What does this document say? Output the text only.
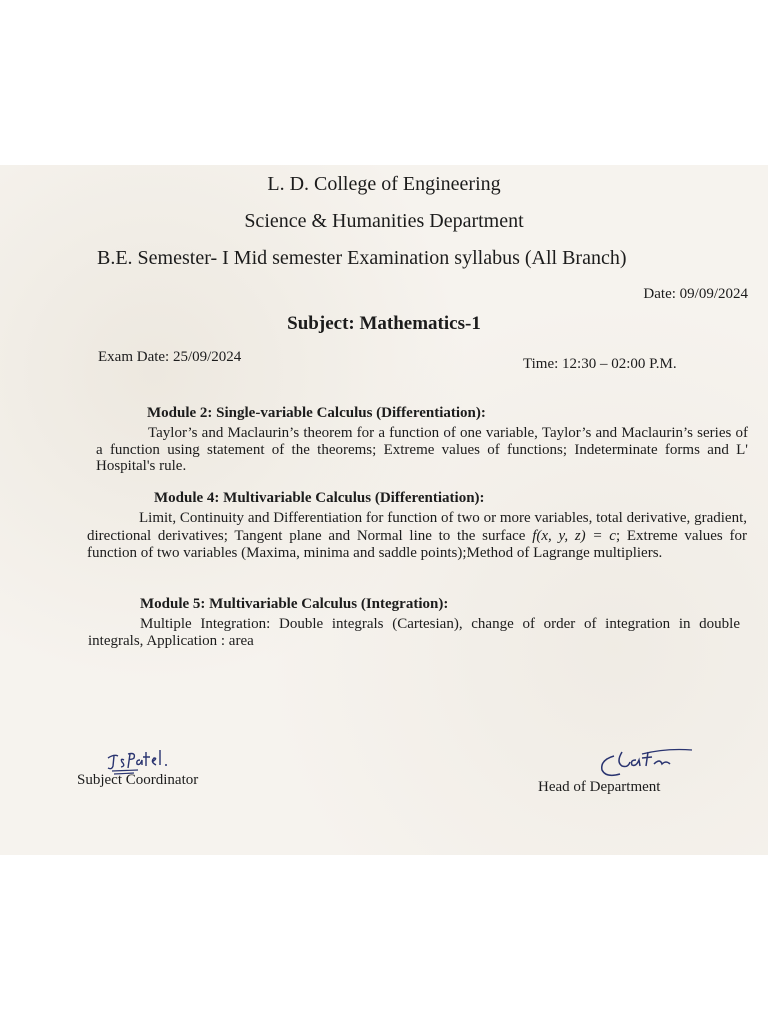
L. D. College of Engineering
Science & Humanities Department
B.E. Semester- I Mid semester Examination syllabus (All Branch)
Date: 09/09/2024
Subject: Mathematics-1
Exam Date: 25/09/2024	Time: 12:30 – 02:00 P.M.
Module 2: Single-variable Calculus (Differentiation):
Taylor’s and Maclaurin’s theorem for a function of one variable, Taylor’s and Maclaurin’s series of a function using statement of the theorems; Extreme values of functions; Indeterminate forms and L' Hospital's rule.
Module 4: Multivariable Calculus (Differentiation):
Limit, Continuity and Differentiation for function of two or more variables, total derivative, gradient, directional derivatives; Tangent plane and Normal line to the surface f(x, y, z) = c; Extreme values for function of two variables (Maxima, minima and saddle points);Method of Lagrange multipliers.
Module 5: Multivariable Calculus (Integration):
Multiple Integration: Double integrals (Cartesian), change of order of integration in double integrals, Application : area
Subject Coordinator	Head of Department
